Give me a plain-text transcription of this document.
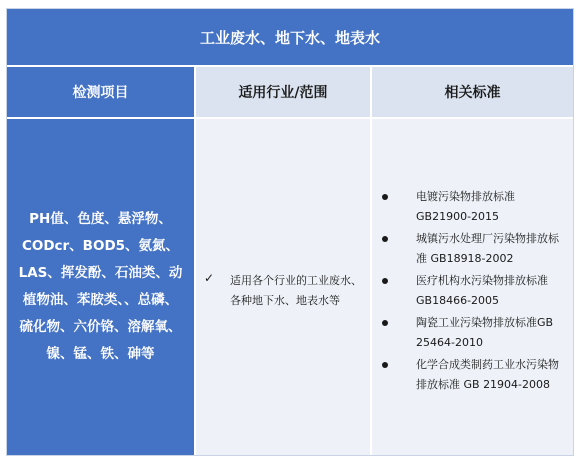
工业废水、地下水、地表水
检测项目	适用行业/范围	相关标准
PH值、色度、悬浮物、
CODcr、BOD5、氨氮、
LAS、挥发酚、石油类、动
植物油、苯胺类、、总磷、
硫化物、六价铬、溶解氧、
镍、锰、铁、砷等
✓ 适用各个行业的工业废水、各种地下水、地表水等
电镀污染物排放标准 GB21900-2015
城镇污水处理厂污染物排放标准 GB18918-2002
医疗机构水污染物排放标准 GB18466-2005
陶瓷工业污染物排放标准GB 25464-2010
化学合成类制药工业水污染物排放标准 GB 21904-2008
